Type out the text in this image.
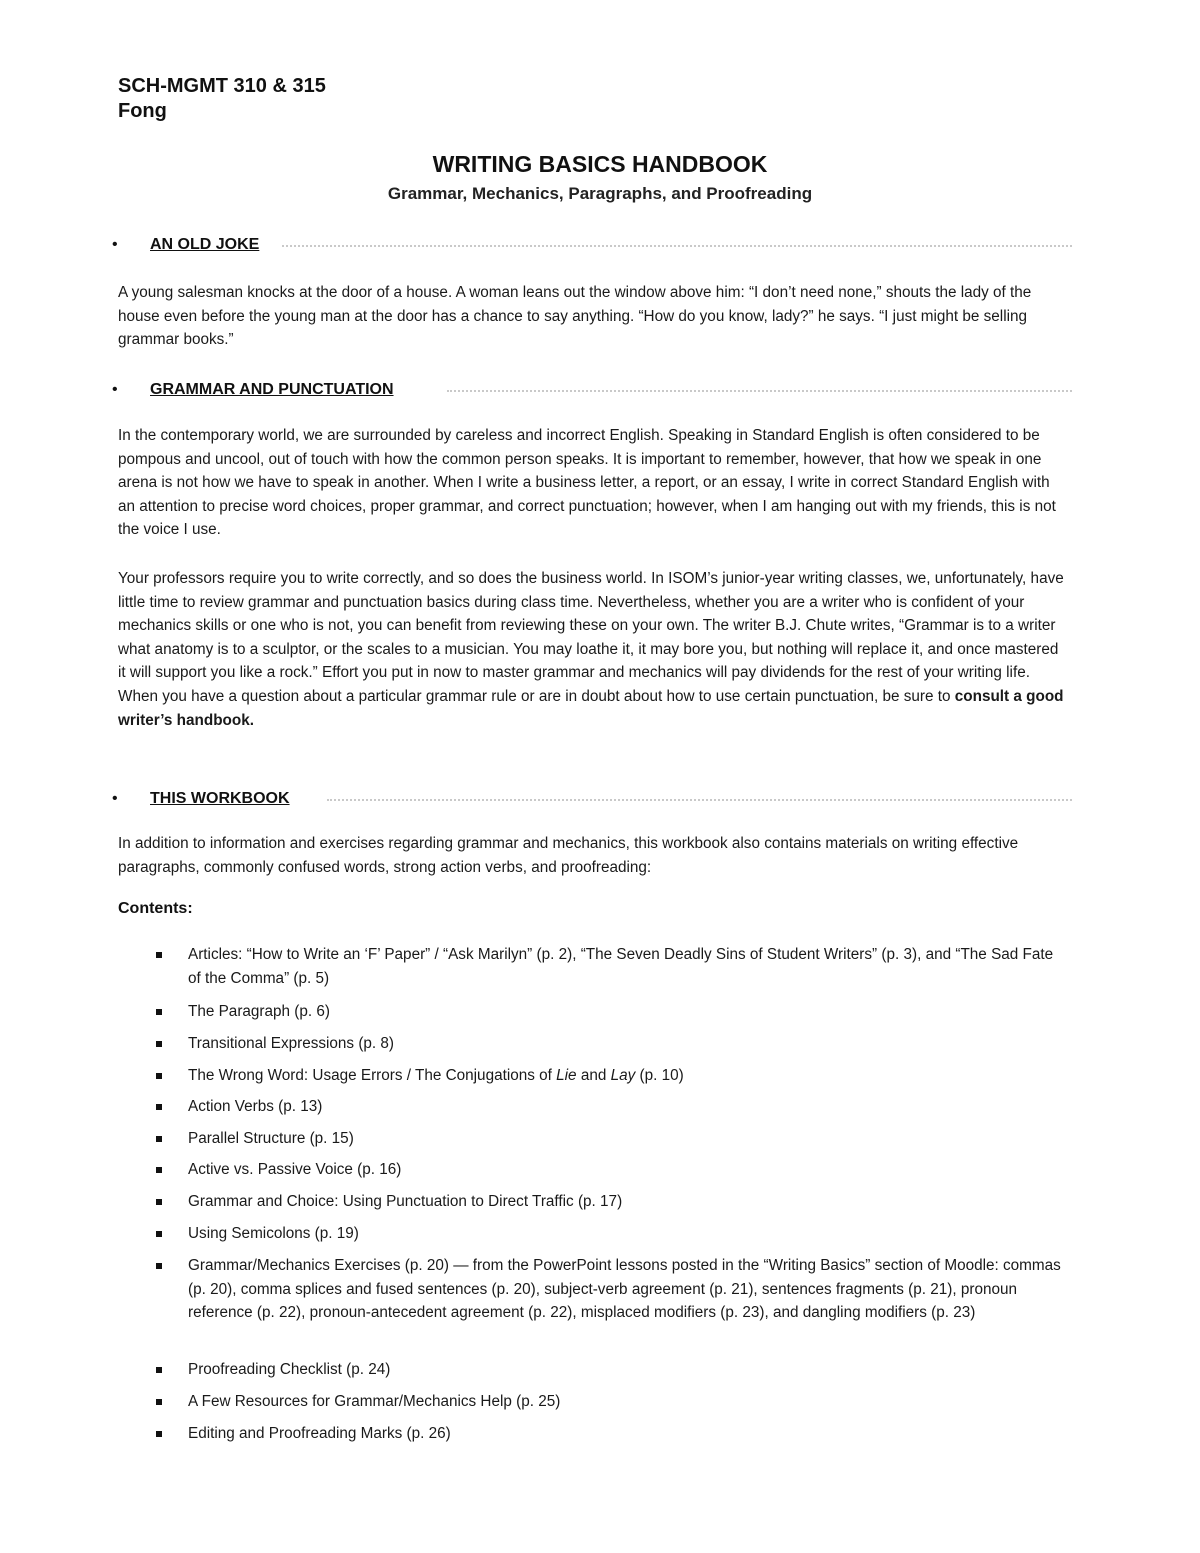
SCH-MGMT 310 & 315
Fong
WRITING BASICS HANDBOOK
Grammar, Mechanics, Paragraphs, and Proofreading
• AN OLD JOKE

A young salesman knocks at the door of a house. A woman leans out the window above him: “I don’t need none,” shouts the lady of the house even before the young man at the door has a chance to say anything. “How do you know, lady?” he says. “I just might be selling grammar books.”

• GRAMMAR AND PUNCTUATION

In the contemporary world, we are surrounded by careless and incorrect English. Speaking in Standard English is often considered to be pompous and uncool, out of touch with how the common person speaks. It is important to remember, however, that how we speak in one arena is not how we have to speak in another. When I write a business letter, a report, or an essay, I write in correct Standard English with an attention to precise word choices, proper grammar, and correct punctuation; however, when I am hanging out with my friends, this is not the voice I use.

Your professors require you to write correctly, and so does the business world. In ISOM’s junior-year writing classes, we, unfortunately, have little time to review grammar and punctuation basics during class time. Nevertheless, whether you are a writer who is confident of your mechanics skills or one who is not, you can benefit from reviewing these on your own. The writer B.J. Chute writes, “Grammar is to a writer what anatomy is to a sculptor, or the scales to a musician. You may loathe it, it may bore you, but nothing will replace it, and once mastered it will support you like a rock.” Effort you put in now to master grammar and mechanics will pay dividends for the rest of your writing life. When you have a question about a particular grammar rule or are in doubt about how to use certain punctuation, be sure to consult a good writer’s handbook.

• THIS WORKBOOK

In addition to information and exercises regarding grammar and mechanics, this workbook also contains materials on writing effective paragraphs, commonly confused words, strong action verbs, and proofreading:

Contents:
Articles: “How to Write an ‘F’ Paper” / “Ask Marilyn” (p. 2), “The Seven Deadly Sins of Student Writers” (p. 3), and “The Sad Fate of the Comma” (p. 5)
The Paragraph (p. 6)
Transitional Expressions (p. 8)
The Wrong Word: Usage Errors / The Conjugations of Lie and Lay (p. 10)
Action Verbs (p. 13)
Parallel Structure (p. 15)
Active vs. Passive Voice (p. 16)
Grammar and Choice: Using Punctuation to Direct Traffic (p. 17)
Using Semicolons (p. 19)
Grammar/Mechanics Exercises (p. 20) — from the PowerPoint lessons posted in the “Writing Basics” section of Moodle: commas (p. 20), comma splices and fused sentences (p. 20), subject-verb agreement (p. 21), sentences fragments (p. 21), pronoun reference (p. 22), pronoun-antecedent agreement (p. 22), misplaced modifiers (p. 23), and dangling modifiers (p. 23)
Proofreading Checklist (p. 24)
A Few Resources for Grammar/Mechanics Help (p. 25)
Editing and Proofreading Marks (p. 26)
